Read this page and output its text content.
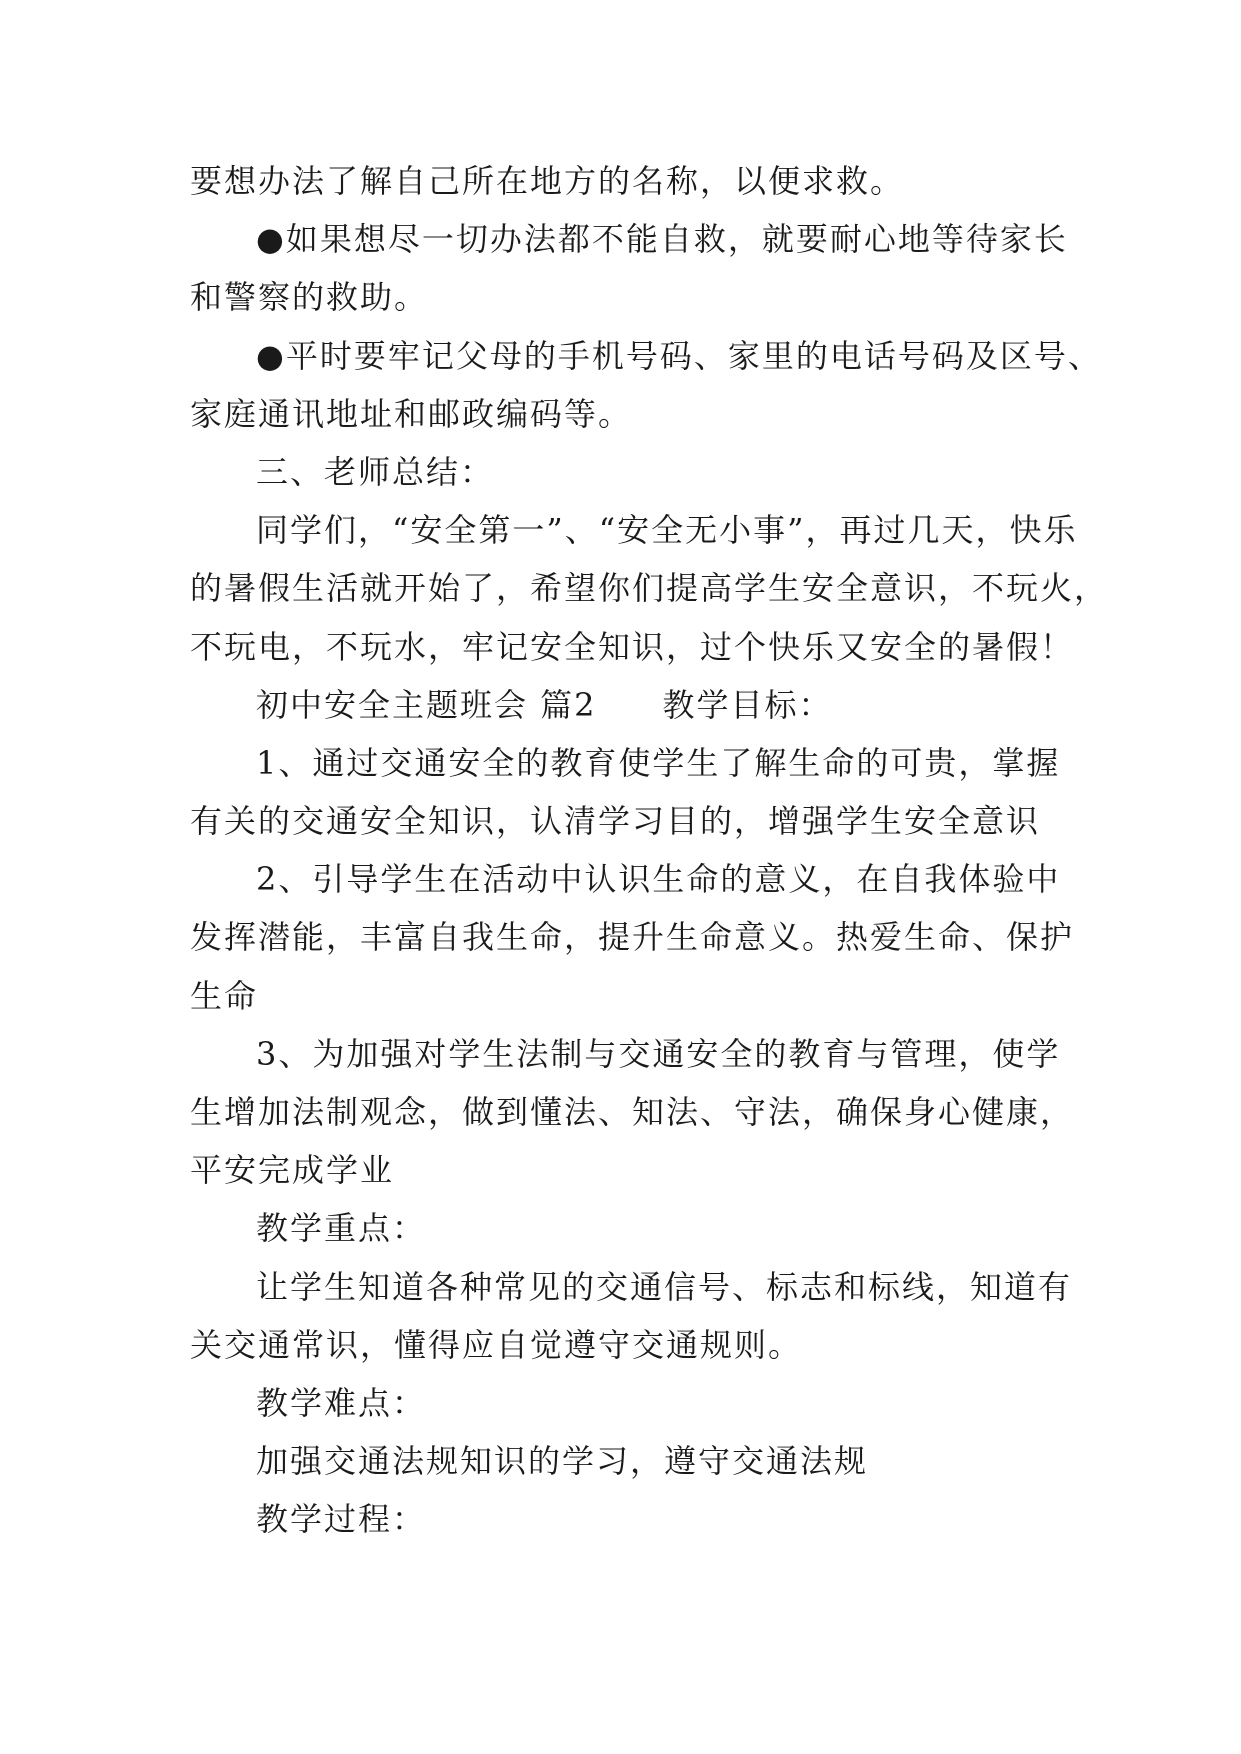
要想办法了解自己所在地方的名称，以便求救。
●如果想尽一切办法都不能自救，就要耐心地等待家长
和警察的救助。
●平时要牢记父母的手机号码、家里的电话号码及区号、
家庭通讯地址和邮政编码等。
三、老师总结：
同学们，“安全第一”、“安全无小事”，再过几天，快乐
的暑假生活就开始了，希望你们提高学生安全意识，不玩火，
不玩电，不玩水，牢记安全知识，过个快乐又安全的暑假！
初中安全主题班会 篇2 教学目标：
1、通过交通安全的教育使学生了解生命的可贵，掌握
有关的交通安全知识，认清学习目的，增强学生安全意识
2、引导学生在活动中认识生命的意义，在自我体验中
发挥潜能，丰富自我生命，提升生命意义。热爱生命、保护
生命
3、为加强对学生法制与交通安全的教育与管理，使学
生增加法制观念，做到懂法、知法、守法，确保身心健康，
平安完成学业
教学重点：
让学生知道各种常见的交通信号、标志和标线，知道有
关交通常识，懂得应自觉遵守交通规则。
教学难点：
加强交通法规知识的学习，遵守交通法规
教学过程：
